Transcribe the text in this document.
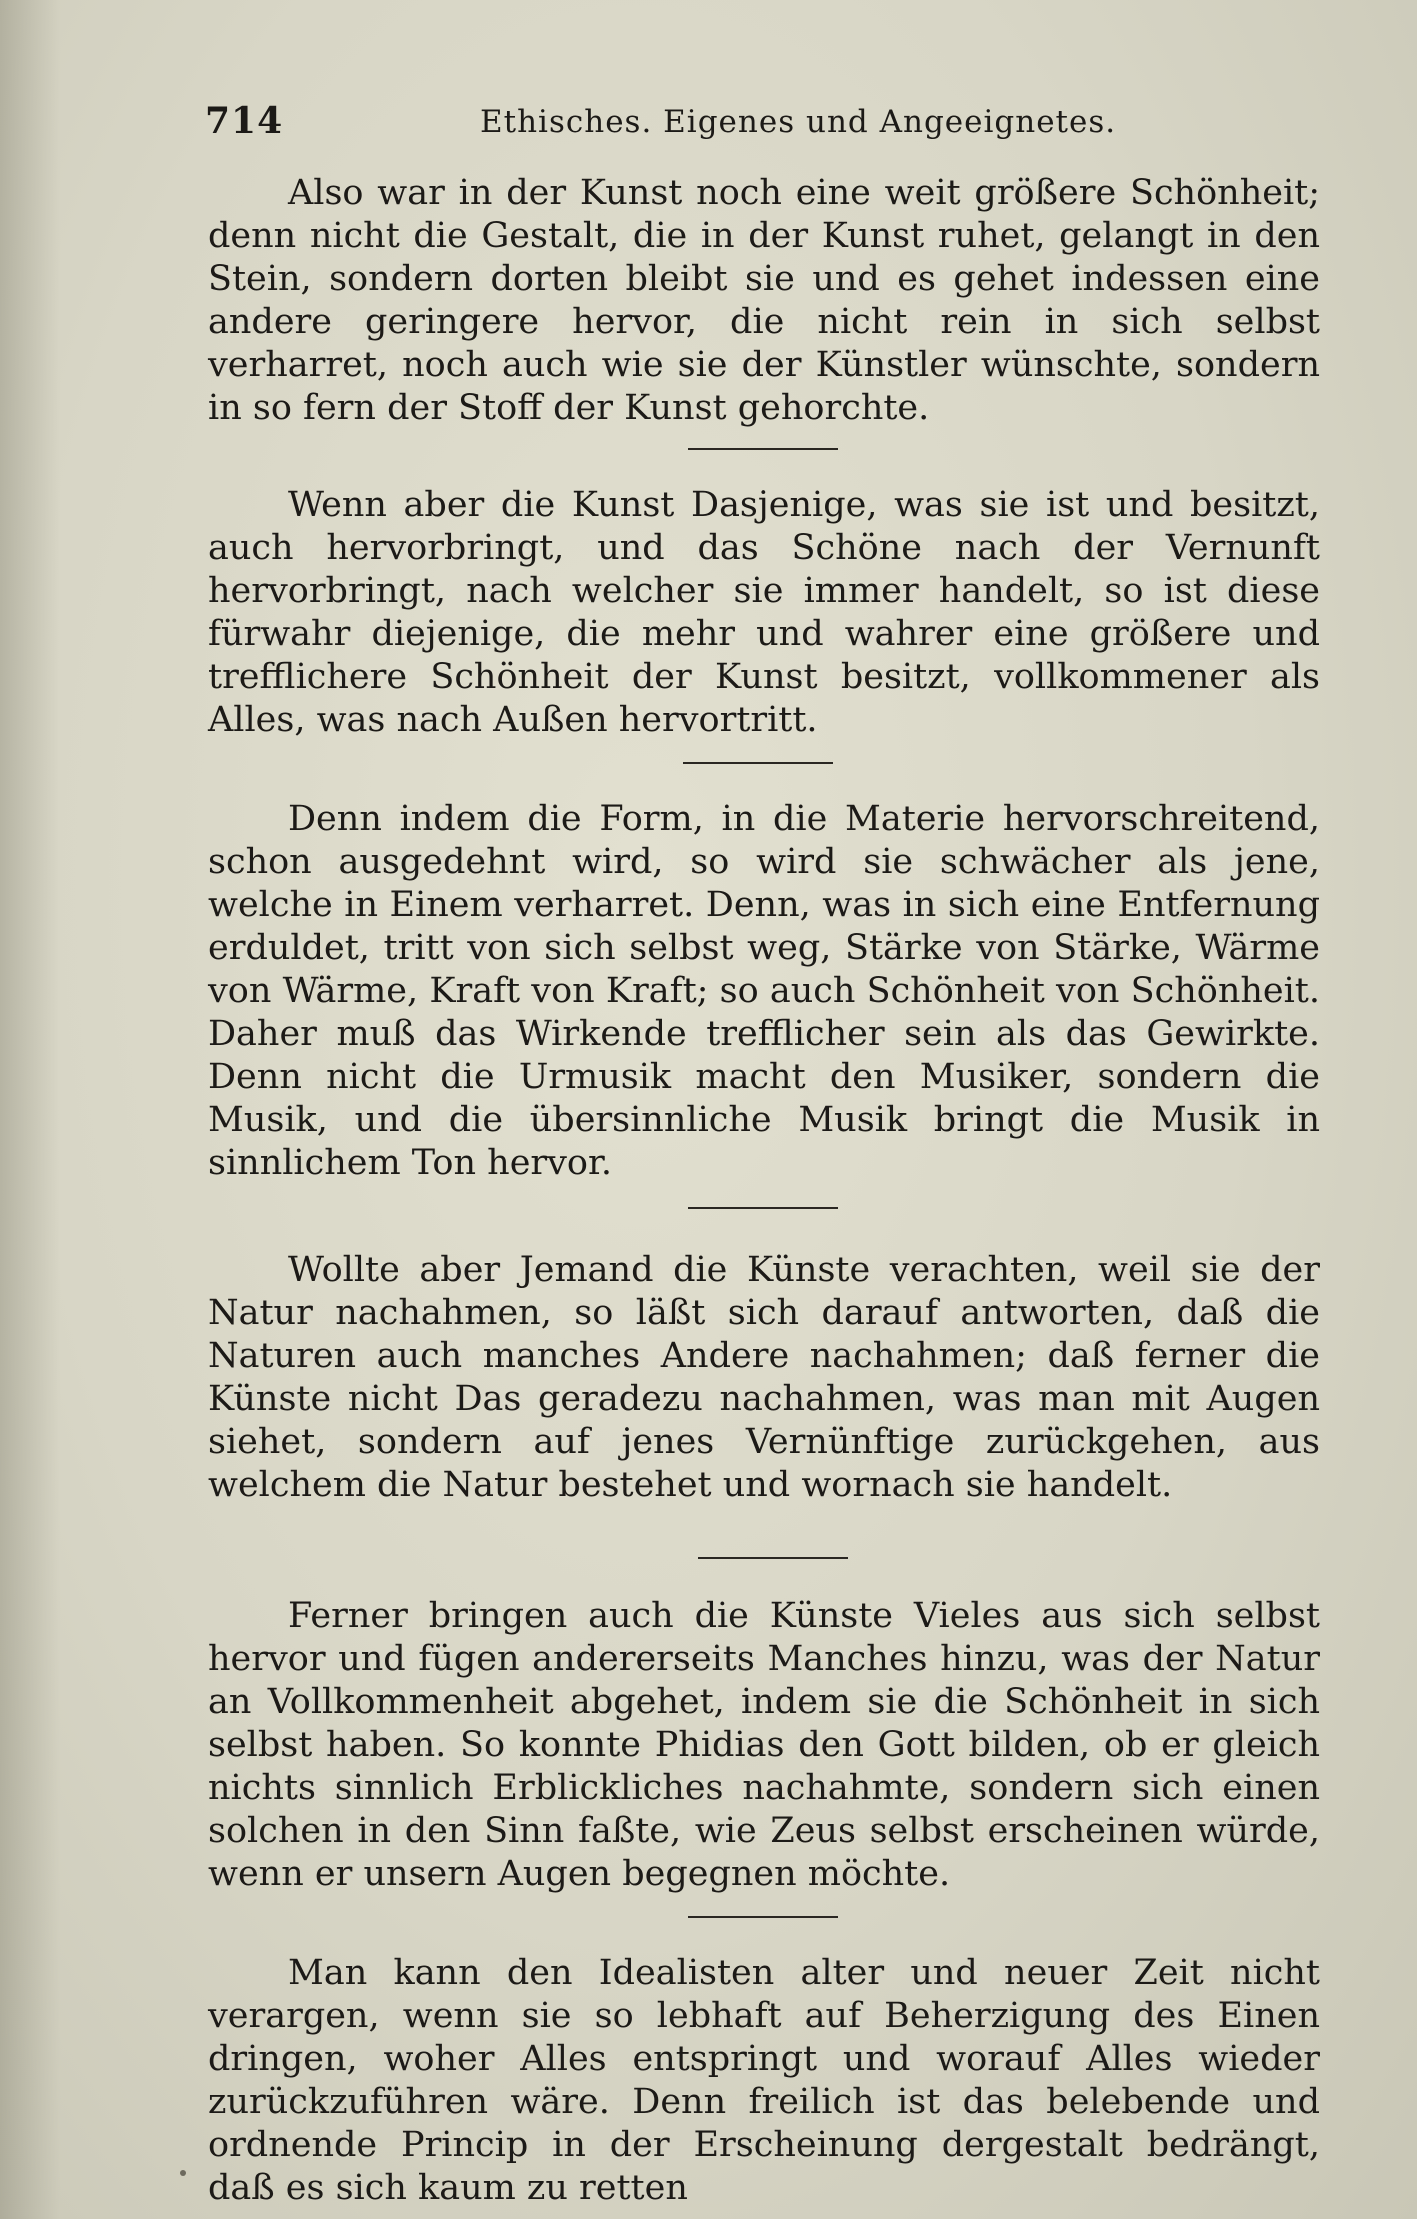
714	Ethisches. Eigenes und Angeeignetes.

Also war in der Kunst noch eine weit größere Schönheit; denn nicht die Gestalt, die in der Kunst ruhet, gelangt in den Stein, sondern dorten bleibt sie und es gehet indessen eine andere geringere hervor, die nicht rein in sich selbst verharret, noch auch wie sie der Künstler wünschte, sondern in so fern der Stoff der Kunst gehorchte.

Wenn aber die Kunst Dasjenige, was sie ist und besitzt, auch hervorbringt, und das Schöne nach der Vernunft hervorbringt, nach welcher sie immer handelt, so ist diese fürwahr diejenige, die mehr und wahrer eine größere und trefflichere Schönheit der Kunst besitzt, vollkommener als Alles, was nach Außen hervortritt.

Denn indem die Form, in die Materie hervorschreitend, schon ausgedehnt wird, so wird sie schwächer als jene, welche in Einem verharret. Denn, was in sich eine Entfernung erduldet, tritt von sich selbst weg, Stärke von Stärke, Wärme von Wärme, Kraft von Kraft; so auch Schönheit von Schönheit. Daher muß das Wirkende trefflicher sein als das Gewirkte. Denn nicht die Urmusik macht den Musiker, sondern die Musik, und die übersinnliche Musik bringt die Musik in sinnlichem Ton hervor.

Wollte aber Jemand die Künste verachten, weil sie der Natur nachahmen, so läßt sich darauf antworten, daß die Naturen auch manches Andere nachahmen; daß ferner die Künste nicht Das geradezu nachahmen, was man mit Augen siehet, sondern auf jenes Vernünftige zurückgehen, aus welchem die Natur bestehet und wornach sie handelt.

Ferner bringen auch die Künste Vieles aus sich selbst hervor und fügen andererseits Manches hinzu, was der Natur an Vollkommenheit abgehet, indem sie die Schönheit in sich selbst haben. So konnte Phidias den Gott bilden, ob er gleich nichts sinnlich Erblickliches nachahmte, sondern sich einen solchen in den Sinn faßte, wie Zeus selbst erscheinen würde, wenn er unsern Augen begegnen möchte.

Man kann den Idealisten alter und neuer Zeit nicht verargen, wenn sie so lebhaft auf Beherzigung des Einen dringen, woher Alles entspringt und worauf Alles wieder zurückzuführen wäre. Denn freilich ist das belebende und ordnende Princip in der Erscheinung dergestalt bedrängt, daß es sich kaum zu retten
